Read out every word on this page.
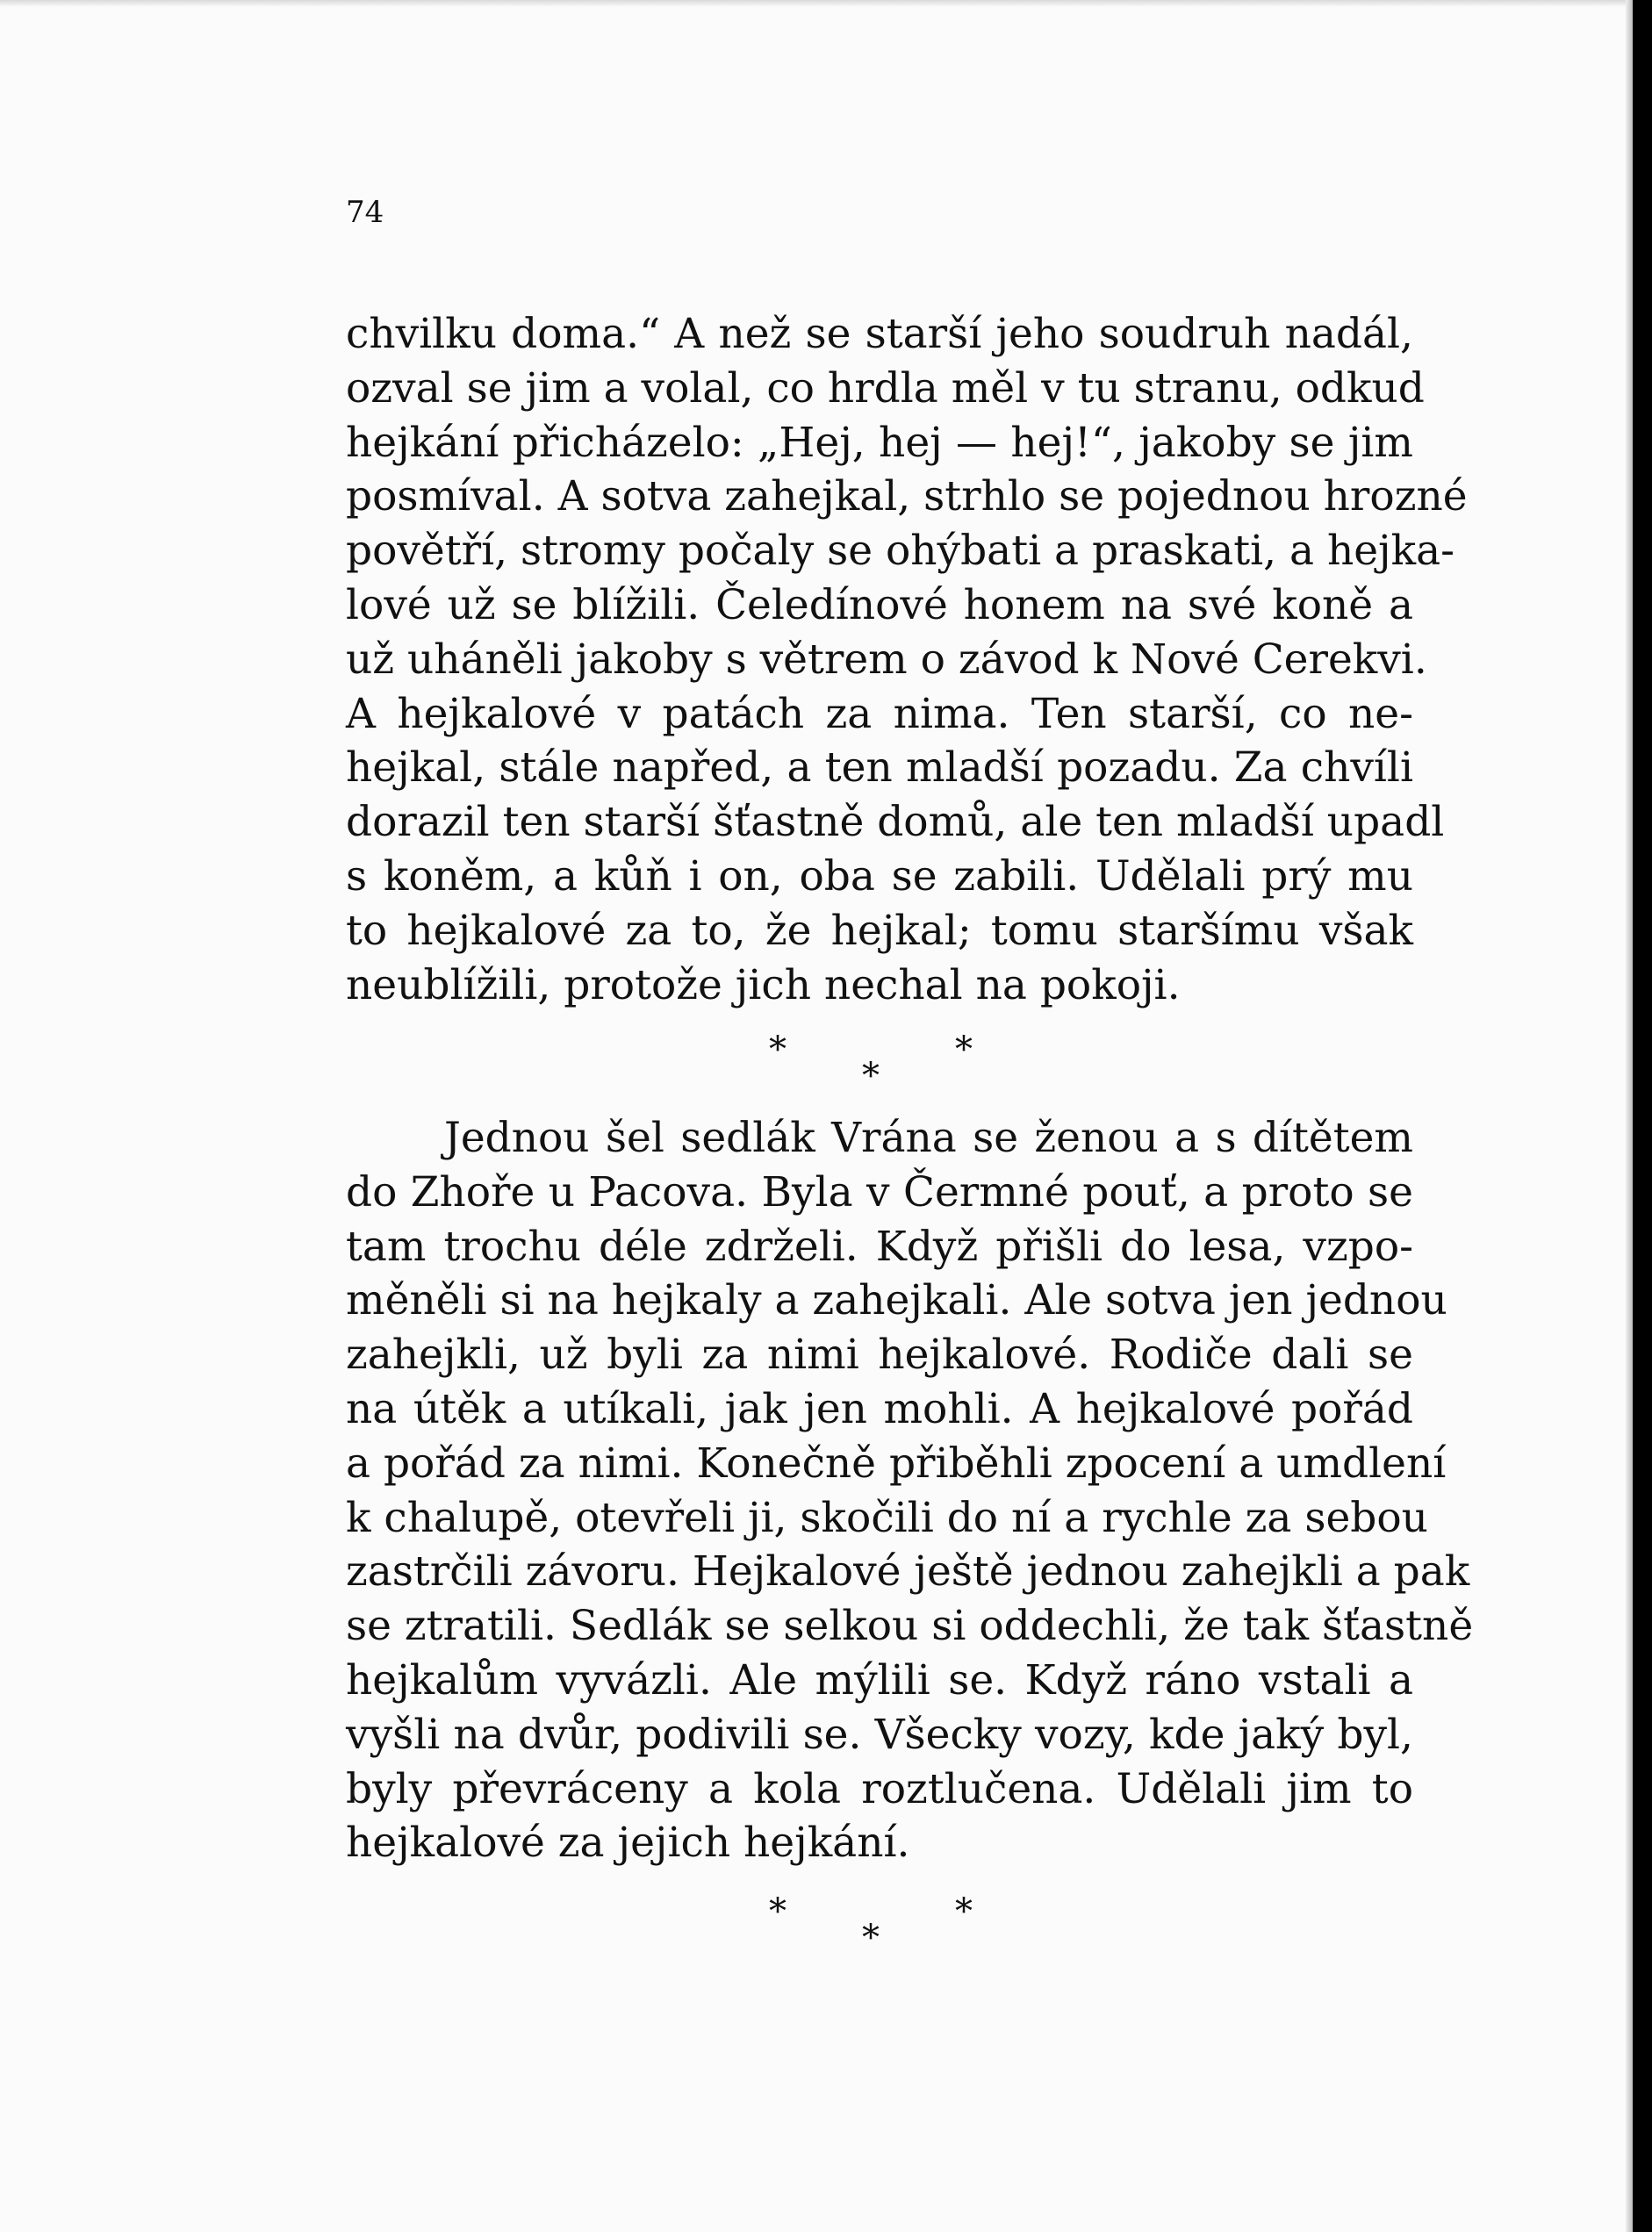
74
chvilku doma.“ A než se starší jeho soudruh nadál,
ozval se jim a volal, co hrdla měl v tu stranu, odkud
hejkání přicházelo: „Hej, hej — hej!“, jakoby se jim
posmíval. A sotva zahejkal, strhlo se pojednou hrozné
povětří, stromy počaly se ohýbati a praskati, a hejka-
lové už se blížili. Čeledínové honem na své koně a
už uháněli jakoby s větrem o závod k Nové Cerekvi.
A hejkalové v patách za nima. Ten starší, co ne-
hejkal, stále napřed, a ten mladší pozadu. Za chvíli
dorazil ten starší šťastně domů, ale ten mladší upadl
s koněm, a kůň i on, oba se zabili. Udělali prý mu
to hejkalové za to, že hejkal; tomu staršímu však
neublížili, protože jich nechal na pokoji.
*	*
*
Jednou šel sedlák Vrána se ženou a s dítětem
do Zhoře u Pacova. Byla v Čermné pouť, a proto se
tam trochu déle zdrželi. Když přišli do lesa, vzpo-
měněli si na hejkaly a zahejkali. Ale sotva jen jednou
zahejkli, už byli za nimi hejkalové. Rodiče dali se
na útěk a utíkali, jak jen mohli. A hejkalové pořád
a pořád za nimi. Konečně přiběhli zpocení a umdlení
k chalupě, otevřeli ji, skočili do ní a rychle za sebou
zastrčili závoru. Hejkalové ještě jednou zahejkli a pak
se ztratili. Sedlák se selkou si oddechli, že tak šťastně
hejkalům vyvázli. Ale mýlili se. Když ráno vstali a
vyšli na dvůr, podivili se. Všecky vozy, kde jaký byl,
byly převráceny a kola roztlučena. Udělali jim to
hejkalové za jejich hejkání.
*	*
*
